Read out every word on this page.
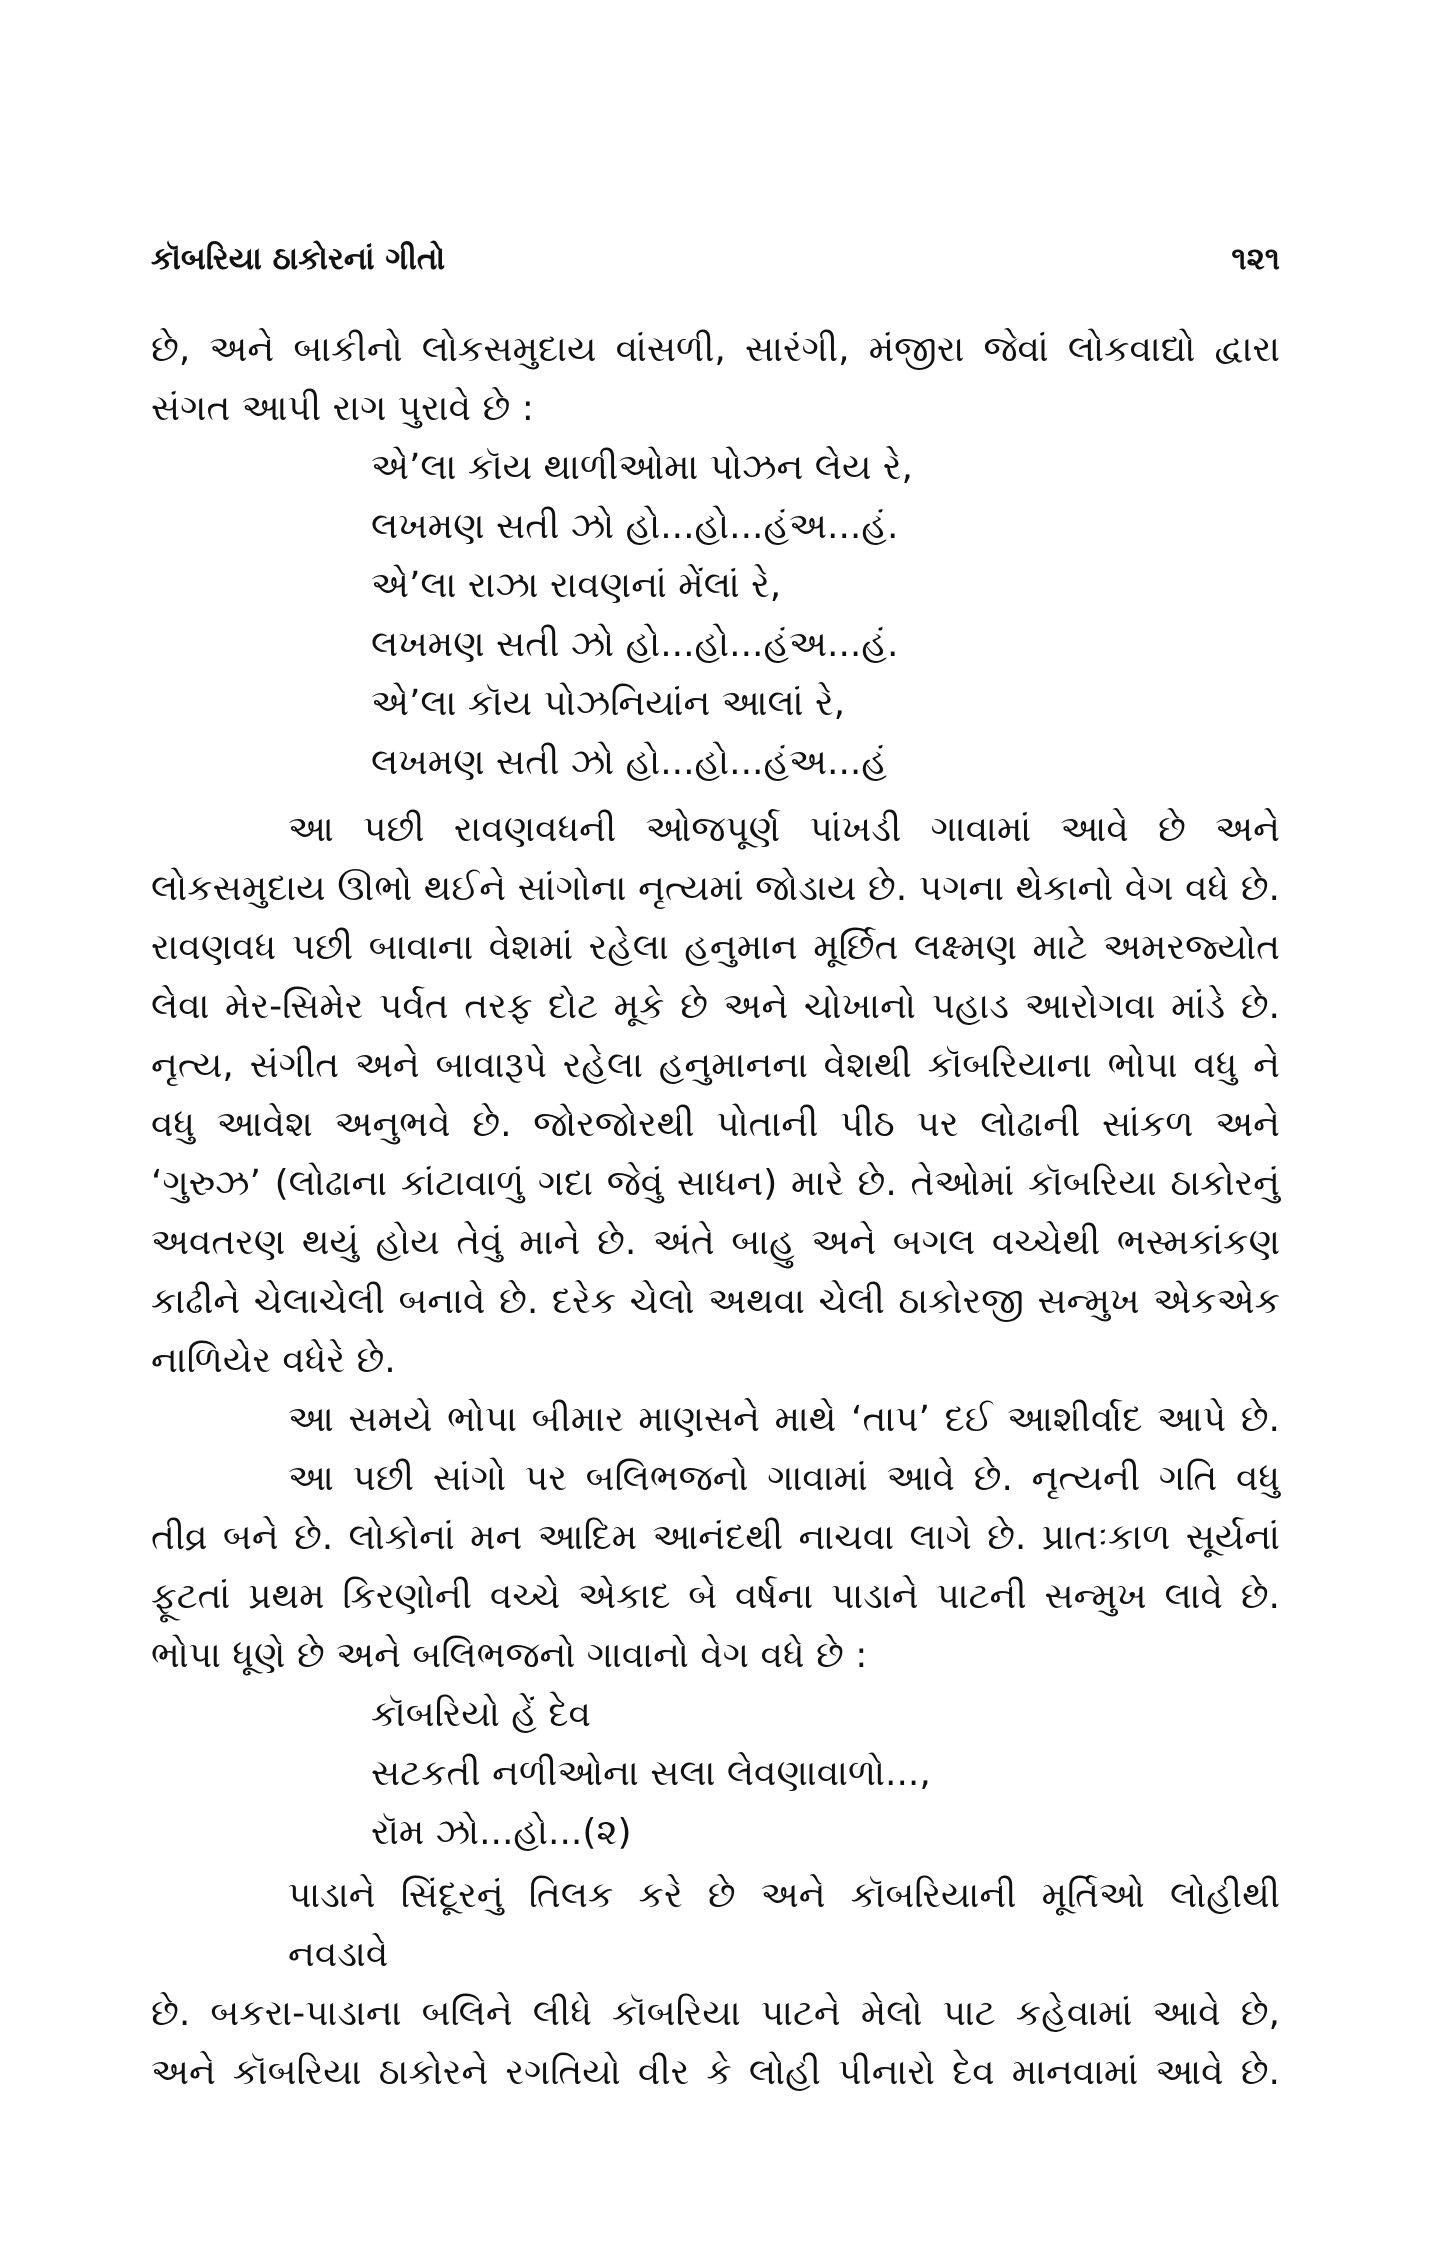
કૉબરિયા ઠાકોરનાં ગીતો	૧૨૧
છે, અને બાકીનો લોકસમુદાય વાંસળી, સારંગી, મંજીરા જેવાં લોકવાદ્યો દ્વારા
સંગત આપી રાગ પુરાવે છે :
એ’લા કૉય થાળીઓમા પોઝન લેય રે,
લખમણ સતી ઝો હો...હો...હંઅ...હં.
એ’લા રાઝા રાવણનાં મેંલાં રે,
લખમણ સતી ઝો હો...હો...હંઅ...હં.
એ’લા કૉય પોઝનિયાંન આલાં રે,
લખમણ સતી ઝો હો...હો...હંઅ...હં
આ પછી રાવણવધની ઓજપૂર્ણ પાંખડી ગાવામાં આવે છે અને
લોકસમુદાય ઊભો થઈને સાંગોના નૃત્યમાં જોડાય છે. પગના થેકાનો વેગ વધે છે.
રાવણવધ પછી બાવાના વેશમાં રહેલા હનુમાન મૂર્છિત લક્ષ્મણ માટે અમરજ્યોત
લેવા મેર-સિમેર પર્વત તરફ દોટ મૂકે છે અને ચોખાનો પહાડ આરોગવા માંડે છે.
નૃત્ય, સંગીત અને બાવારૂપે રહેલા હનુમાનના વેશથી કૉબરિયાના ભોપા વધુ ને
વધુ આવેશ અનુભવે છે. જોરજોરથી પોતાની પીઠ પર લોઢાની સાંકળ અને
‘ગુરુઝ’ (લોઢાના કાંટાવાળું ગદા જેવું સાધન) મારે છે. તેઓમાં કૉબરિયા ઠાકોરનું
અવતરણ થયું હોય તેવું માને છે. અંતે બાહુ અને બગલ વચ્ચેથી ભસ્મકાંકણ
કાઢીને ચેલાચેલી બનાવે છે. દરેક ચેલો અથવા ચેલી ઠાકોરજી સન્મુખ એકએક
નાળિયેર વધેરે છે.
આ સમયે ભોપા બીમાર માણસને માથે ‘તાપ’ દઈ આશીર્વાદ આપે છે.
આ પછી સાંગો પર બલિભજનો ગાવામાં આવે છે. નૃત્યની ગતિ વધુ
તીવ્ર બને છે. લોકોનાં મન આદિમ આનંદથી નાચવા લાગે છે. પ્રાતઃકાળ સૂર્યનાં
ફૂટતાં પ્રથમ કિરણોની વચ્ચે એકાદ બે વર્ષના પાડાને પાટની સન્મુખ લાવે છે.
ભોપા ધૂણે છે અને બલિભજનો ગાવાનો વેગ વધે છે :
કૉબરિયો હેં દેવ
સટકતી નળીઓના સલા લેવણાવાળો...,
રૉમ ઝો...હો...(૨)
પાડાને સિંદૂરનું તિલક કરે છે અને કૉબરિયાની મૂર્તિઓ લોહીથી નવડાવે
છે. બકરા-પાડાના બલિને લીધે કૉબરિયા પાટને મેલો પાટ કહેવામાં આવે છે,
અને કૉબરિયા ઠાકોરને રગતિયો વીર કે લોહી પીનારો દેવ માનવામાં આવે છે.
